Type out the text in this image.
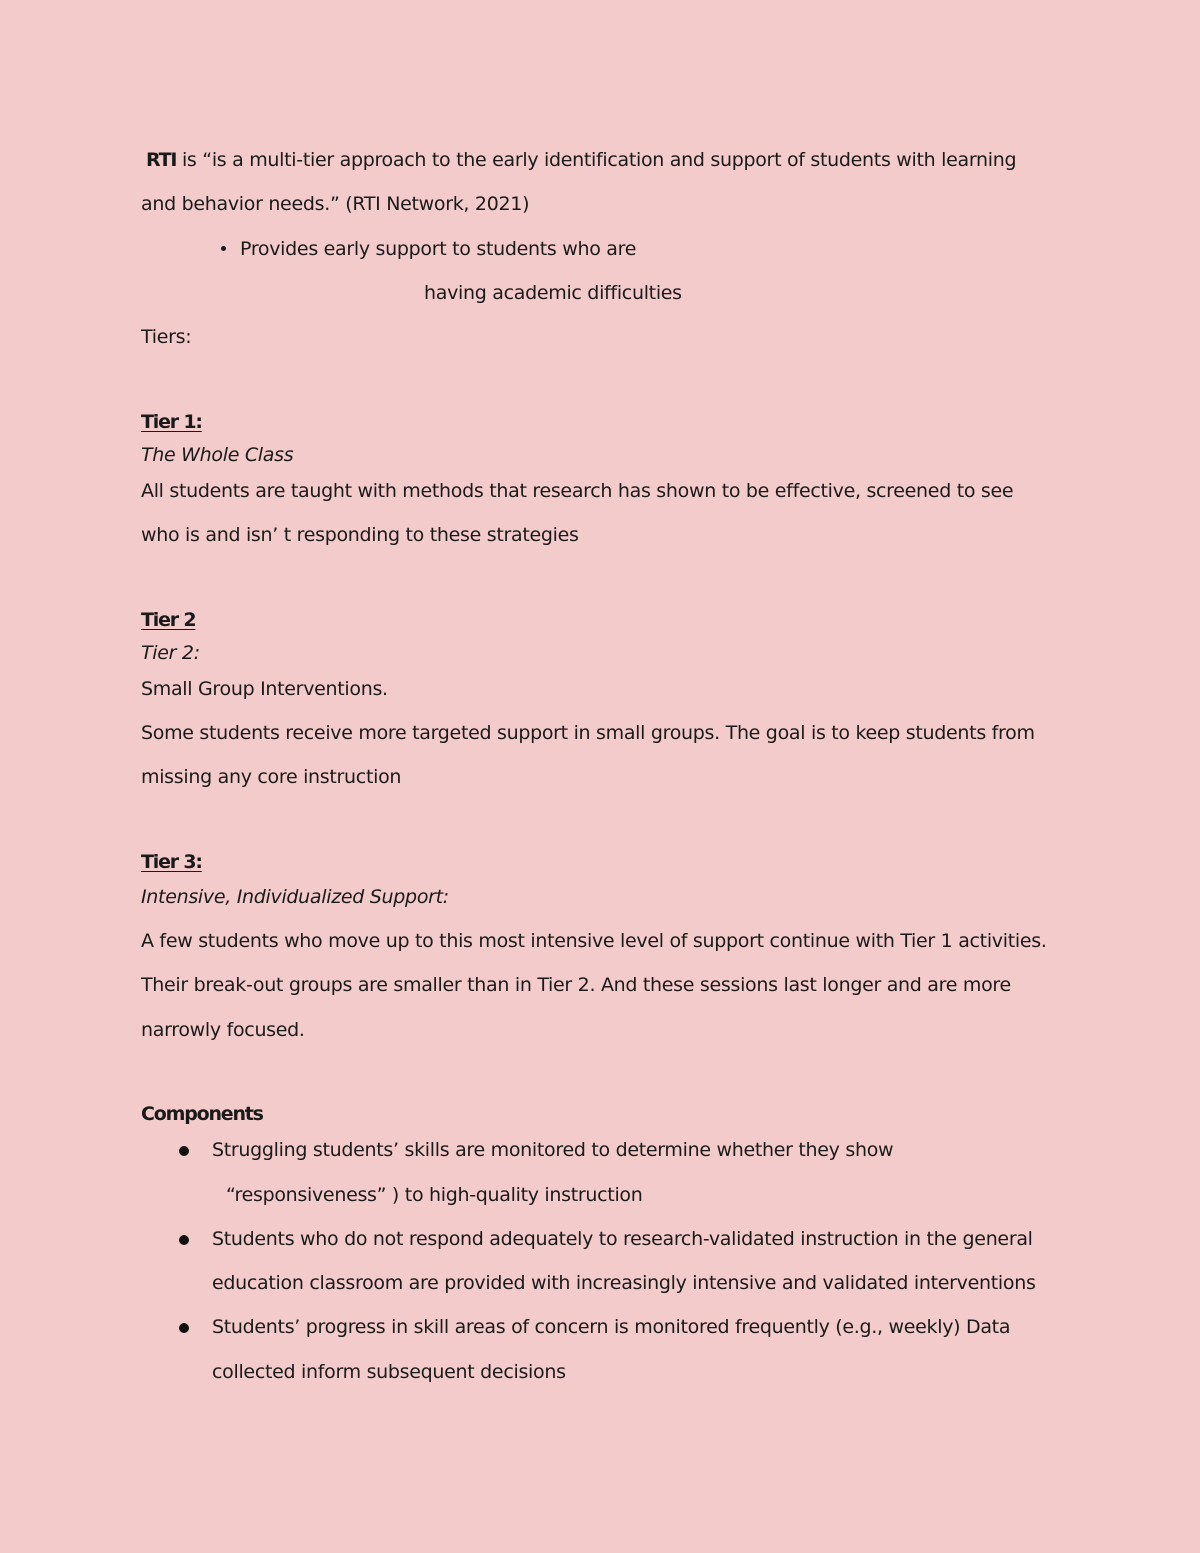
RTI is “is a multi-tier approach to the early identification and support of students with learning
and behavior needs.” (RTI Network, 2021)
Provides early support to students who are
having academic difficulties
Tiers:
Tier 1:
The Whole Class
All students are taught with methods that research has shown to be effective, screened to see
who is and isn’ t responding to these strategies
Tier 2
Tier 2:
Small Group Interventions.
Some students receive more targeted support in small groups. The goal is to keep students from
missing any core instruction
Tier 3:
Intensive, Individualized Support:
A few students who move up to this most intensive level of support continue with Tier 1 activities.
Their break-out groups are smaller than in Tier 2. And these sessions last longer and are more
narrowly focused.
Components
Struggling students’ skills are monitored to determine whether they show
“responsiveness” ) to high-quality instruction
Students who do not respond adequately to research-validated instruction in the general
education classroom are provided with increasingly intensive and validated interventions
Students’ progress in skill areas of concern is monitored frequently (e.g., weekly) Data
collected inform subsequent decisions
